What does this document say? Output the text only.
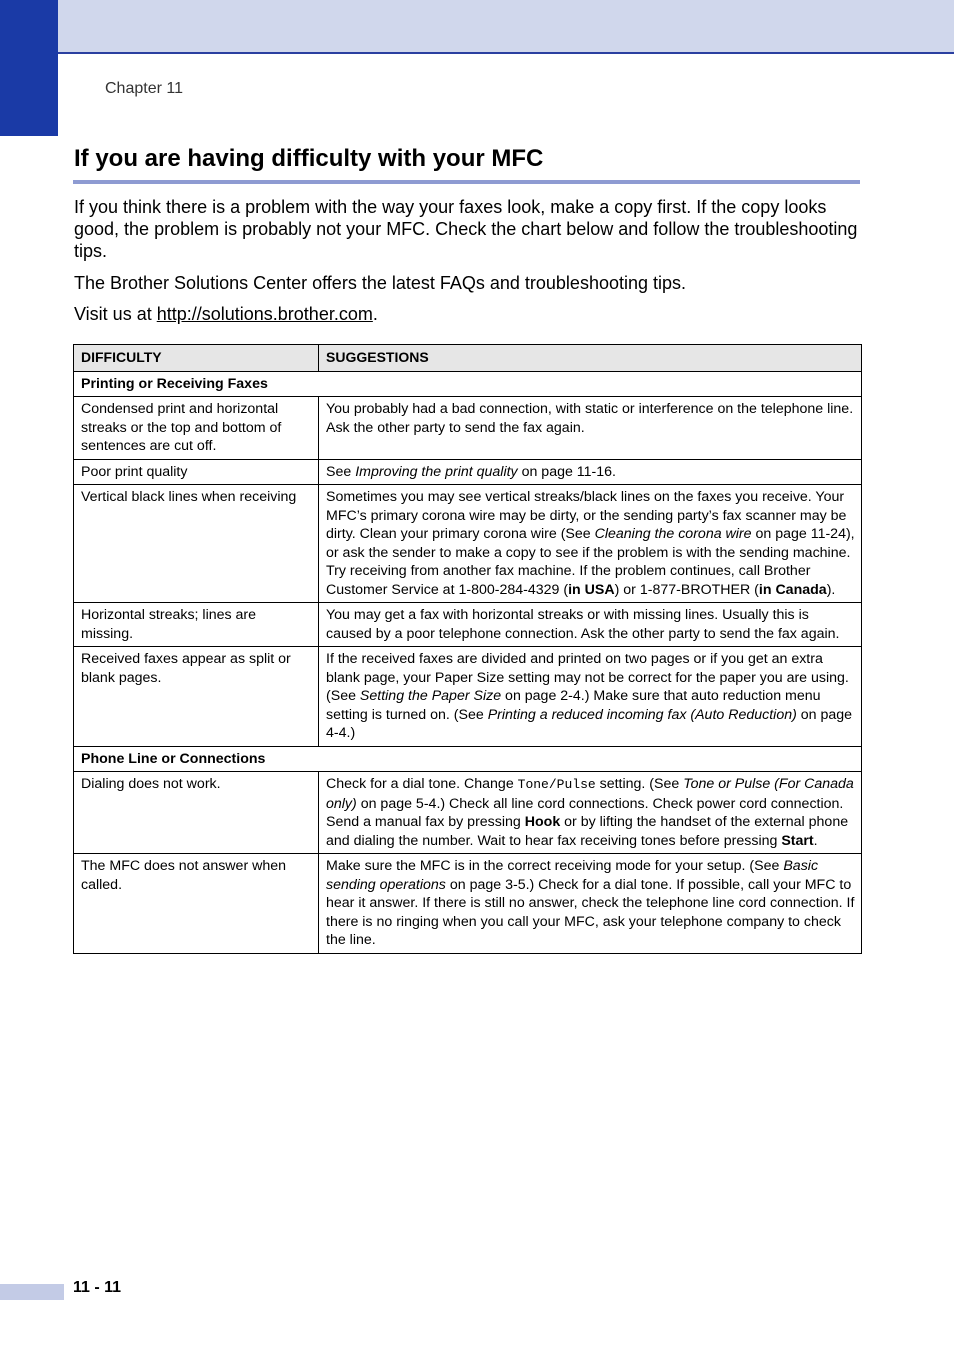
Chapter 11
If you are having difficulty with your MFC

If you think there is a problem with the way your faxes look, make a copy first. If the copy looks good, the problem is probably not your MFC. Check the chart below and follow the troubleshooting tips.

The Brother Solutions Center offers the latest FAQs and troubleshooting tips.

Visit us at http://solutions.brother.com.

DIFFICULTY	SUGGESTIONS
Printing or Receiving Faxes	
Condensed print and horizontal streaks or the top and bottom of sentences are cut off.	You probably had a bad connection, with static or interference on the telephone line. Ask the other party to send the fax again.
Poor print quality	See Improving the print quality on page 11-16.
Vertical black lines when receiving	Sometimes you may see vertical streaks/black lines on the faxes you receive. Your MFC’s primary corona wire may be dirty, or the sending party’s fax scanner may be dirty. Clean your primary corona wire (See Cleaning the corona wire on page 11-24), or ask the sender to make a copy to see if the problem is with the sending machine. Try receiving from another fax machine. If the problem continues, call Brother Customer Service at 1-800-284-4329 (in USA) or 1-877-BROTHER (in Canada).
Horizontal streaks; lines are missing.	You may get a fax with horizontal streaks or with missing lines. Usually this is caused by a poor telephone connection. Ask the other party to send the fax again.
Received faxes appear as split or blank pages.	If the received faxes are divided and printed on two pages or if you get an extra blank page, your Paper Size setting may not be correct for the paper you are using. (See Setting the Paper Size on page 2-4.) Make sure that auto reduction menu setting is turned on. (See Printing a reduced incoming fax (Auto Reduction) on page 4-4.)
Phone Line or Connections	
Dialing does not work.	Check for a dial tone. Change Tone/Pulse setting. (See Tone or Pulse (For Canada only) on page 5-4.) Check all line cord connections. Check power cord connection. Send a manual fax by pressing Hook or by lifting the handset of the external phone and dialing the number. Wait to hear fax receiving tones before pressing Start.
The MFC does not answer when called.	Make sure the MFC is in the correct receiving mode for your setup. (See Basic sending operations on page 3-5.) Check for a dial tone. If possible, call your MFC to hear it answer. If there is still no answer, check the telephone line cord connection. If there is no ringing when you call your MFC, ask your telephone company to check the line.
11 - 11
